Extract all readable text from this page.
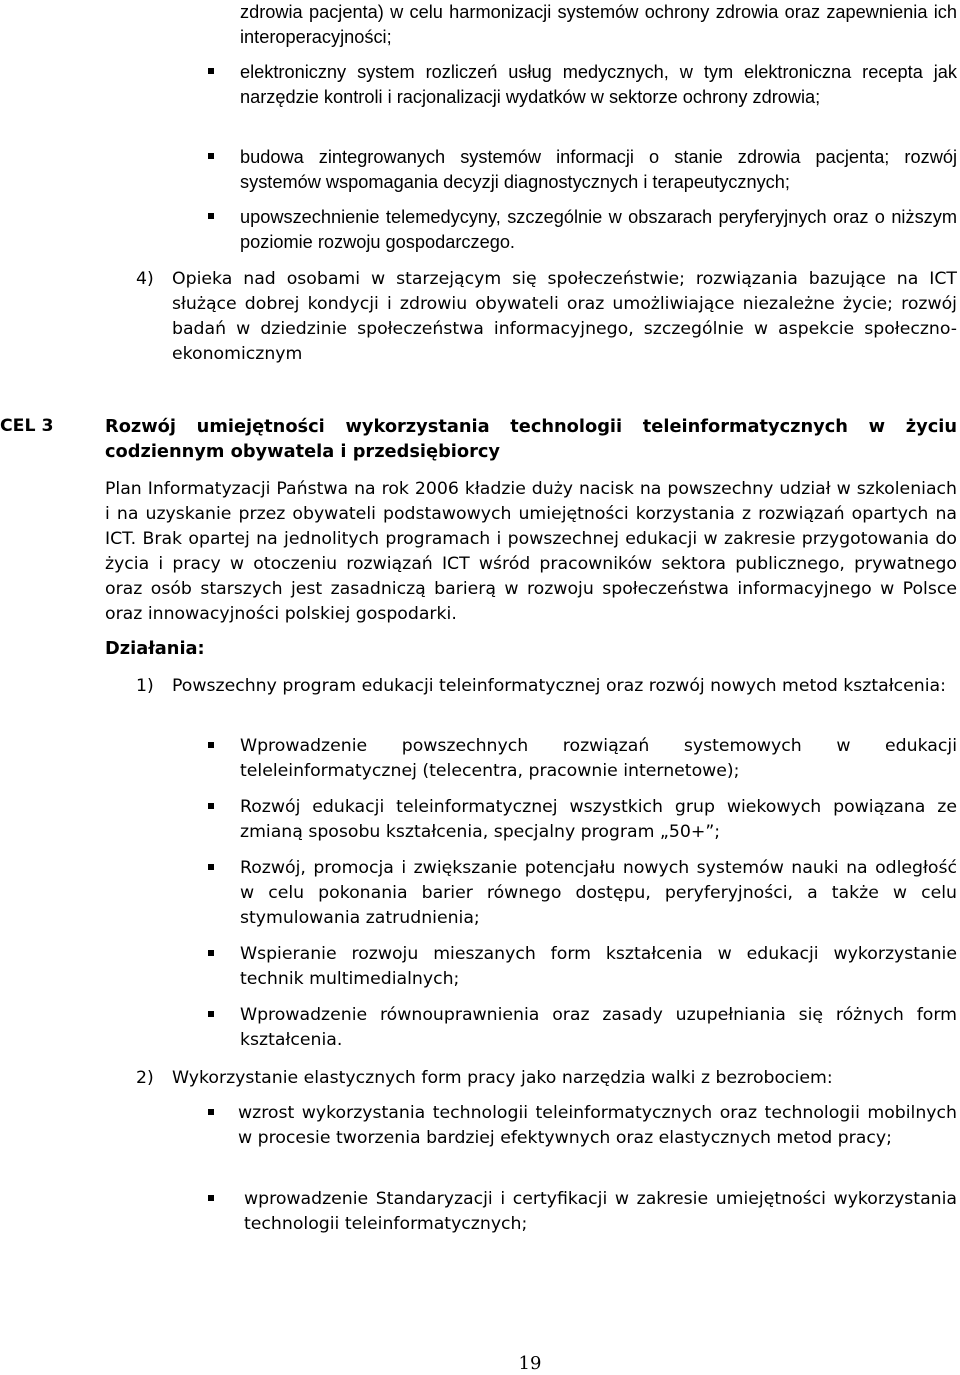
zdrowia pacjenta) w celu harmonizacji systemów ochrony zdrowia oraz zapewnienia ich interoperacyjności;

elektroniczny system rozliczeń usług medycznych, w tym elektroniczna recepta jak narzędzie kontroli i racjonalizacji wydatków w sektorze ochrony zdrowia;

budowa zintegrowanych systemów informacji o stanie zdrowia pacjenta; rozwój systemów wspomagania decyzji diagnostycznych i terapeutycznych;

upowszechnienie telemedycyny, szczególnie w obszarach peryferyjnych oraz o niższym poziomie rozwoju gospodarczego.

4) Opieka nad osobami w starzejącym się społeczeństwie; rozwiązania bazujące na ICT służące dobrej kondycji i zdrowiu obywateli oraz umożliwiające niezależne życie; rozwój badań w dziedzinie społeczeństwa informacyjnego, szczególnie w aspekcie społeczno-ekonomicznym

CEL 3	Rozwój umiejętności wykorzystania technologii teleinformatycznych w życiu codziennym obywatela i przedsiębiorcy

Plan Informatyzacji Państwa na rok 2006 kładzie duży nacisk na powszechny udział w szkoleniach i na uzyskanie przez obywateli podstawowych umiejętności korzystania z rozwiązań opartych na ICT. Brak opartej na jednolitych programach i powszechnej edukacji w zakresie przygotowania do życia i pracy w otoczeniu rozwiązań ICT wśród pracowników sektora publicznego, prywatnego oraz osób starszych jest zasadniczą barierą w rozwoju społeczeństwa informacyjnego w Polsce oraz innowacyjności polskiej gospodarki.

Działania:
1) Powszechny program edukacji teleinformatycznej oraz rozwój nowych metod kształcenia:

Wprowadzenie powszechnych rozwiązań systemowych w edukacji teleleinformatycznej (telecentra, pracownie internetowe);

Rozwój edukacji teleinformatycznej wszystkich grup wiekowych powiązana ze zmianą sposobu kształcenia, specjalny program „50+”;

Rozwój, promocja i zwiększanie potencjału nowych systemów nauki na odległość w celu pokonania barier równego dostępu, peryferyjności, a także w celu stymulowania zatrudnienia;

Wspieranie rozwoju mieszanych form kształcenia w edukacji wykorzystanie technik multimedialnych;

Wprowadzenie równouprawnienia oraz zasady uzupełniania się różnych form kształcenia.

2) Wykorzystanie elastycznych form pracy jako narzędzia walki z bezrobociem:

wzrost wykorzystania technologii teleinformatycznych oraz technologii mobilnych w procesie tworzenia bardziej efektywnych oraz elastycznych metod pracy;

wprowadzenie Standaryzacji i certyfikacji w zakresie umiejętności wykorzystania technologii teleinformatycznych;

19
